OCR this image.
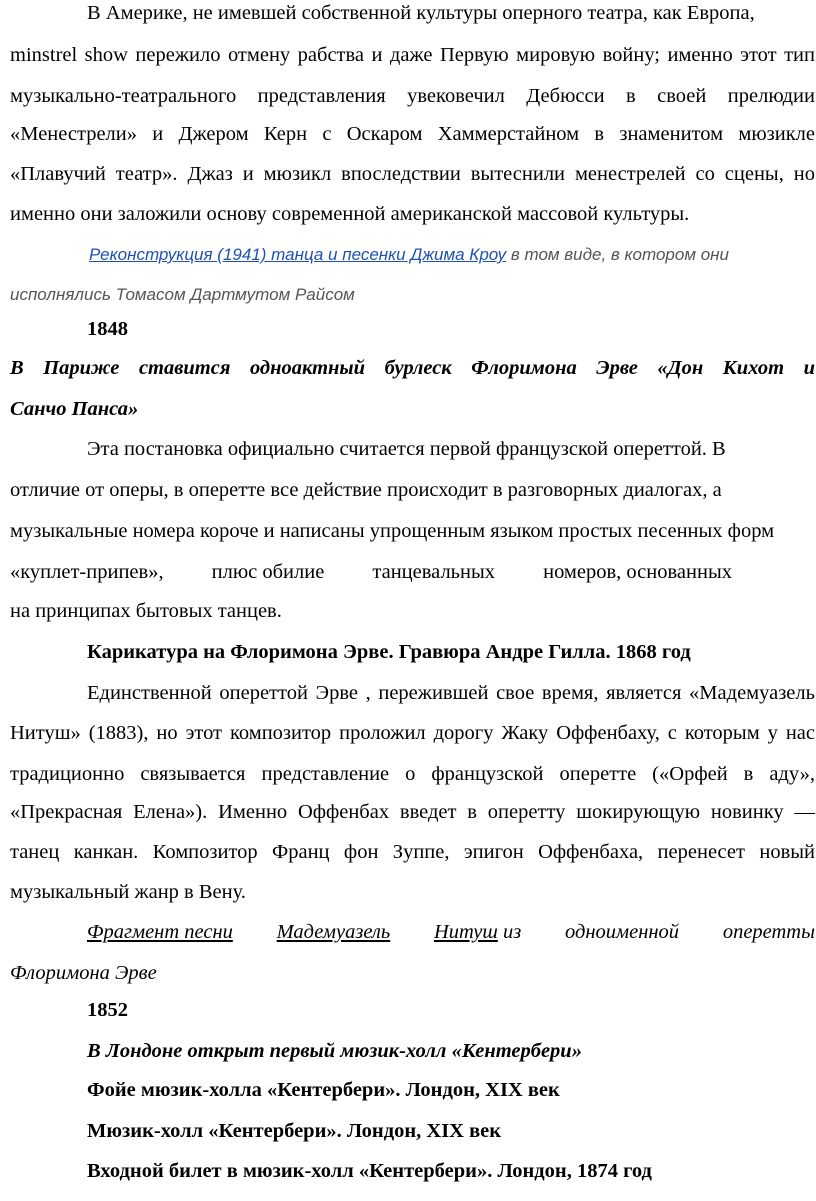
В Америке, не имевшей собственной культуры оперного театра, как Европа,
minstrel show пережило отмену рабства и даже Первую мировую войну; именно этот тип
музыкально-театрального представления увековечил Дебюсси в своей прелюдии
«Менестрели» и Джером Керн с Оскаром Хаммерстайном в знаменитом мюзикле
«Плавучий театр». Джаз и мюзикл впоследствии вытеснили менестрелей со сцены, но
именно они заложили основу современной американской массовой культуры.
Реконструкция (1941) танца и песенки Джима Кроу в том виде, в котором они
исполнялись Томасом Дартмутом Райсом
1848
В Париже ставится одноактный бурлеск Флоримона Эрве «Дон Кихот и
Санчо Панса»
Эта постановка официально считается первой французской опереттой. В
отличие от оперы, в оперетте все действие происходит в разговорных диалогах, а
музыкальные номера короче и написаны упрощенным языком простых песенных форм
«куплет-припев», плюс обилие танцевальных номеров, основанных
на принципах бытовых танцев.
Карикатура на Флоримона Эрве. Гравюра Андре Гилла. 1868 год
Единственной опереттой Эрве , пережившей свое время, является «Мадемуазель
Нитуш» (1883), но этот композитор проложил дорогу Жаку Оффенбаху, с которым у нас
традиционно связывается представление о французской оперетте («Орфей в аду»,
«Прекрасная Елена»). Именно Оффенбах введет в оперетту шокирующую новинку —
танец канкан. Композитор Франц фон Зуппе, эпигон Оффенбаха, перенесет новый
музыкальный жанр в Вену.
Фрагмент песни Мадемуазель Нитуш из одноименной оперетты
Флоримона Эрве
1852
В Лондоне открыт первый мюзик-холл «Кентербери»
Фойе мюзик-холла «Кентербери». Лондон, XIX век
Мюзик-холл «Кентербери». Лондон, XIX век
Входной билет в мюзик-холл «Кентербери». Лондон, 1874 год
